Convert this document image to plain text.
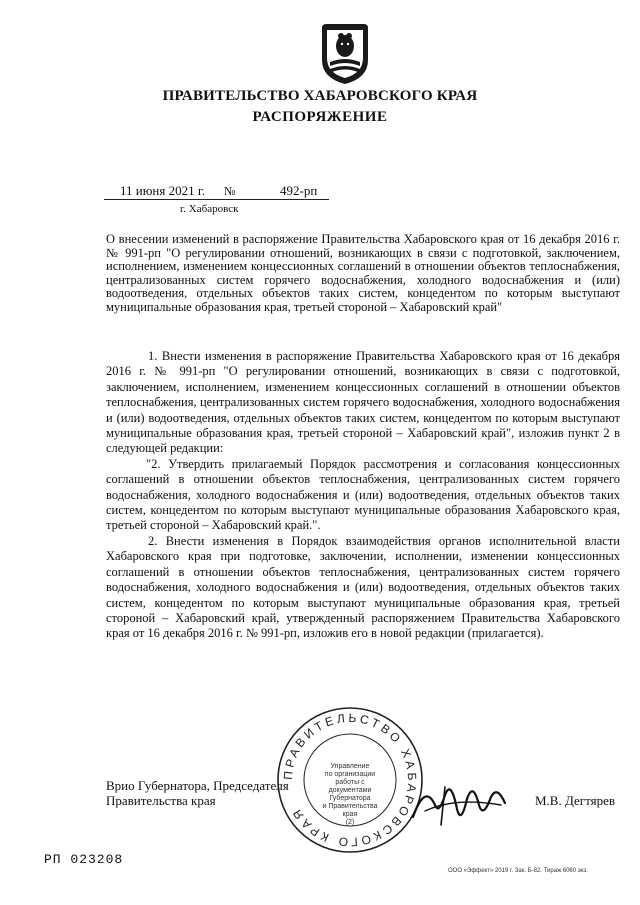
ПРАВИТЕЛЬСТВО ХАБАРОВСКОГО КРАЯ
РАСПОРЯЖЕНИЕ
11 июня 2021 г. №	492-рп
г. Хабаровск
О внесении изменений в распоряжение Правительства Хабаровского края от 16 декабря 2016 г. № 991-рп "О регулировании отношений, возникающих в связи с подготовкой, заключением, исполнением, изменением концессионных соглашений в отношении объектов теплоснабжения, централизованных систем горячего водоснабжения, холодного водоснабжения и (или) водоотведения, отдельных объектов таких систем, концедентом по которым выступают муниципальные образования края, третьей стороной – Хабаровский край"

1. Внести изменения в распоряжение Правительства Хабаровского края от 16 декабря 2016 г. № 991-рп "О регулировании отношений, возникающих в связи с подготовкой, заключением, исполнением, изменением концессионных соглашений в отношении объектов теплоснабжения, централизованных систем горячего водоснабжения, холодного водоснабжения и (или) водоотведения, отдельных объектов таких систем, концедентом по которым выступают муниципальные образования края, третьей стороной – Хабаровский край", изложив пункт 2 в следующей редакции:

"2. Утвердить прилагаемый Порядок рассмотрения и согласования концессионных соглашений в отношении объектов теплоснабжения, централизованных систем горячего водоснабжения, холодного водоснабжения и (или) водоотведения, отдельных объектов таких систем, концедентом по которым выступают муниципальные образования Хабаровского края, третьей стороной – Хабаровский край.".

2. Внести изменения в Порядок взаимодействия органов исполнительной власти Хабаровского края при подготовке, заключении, исполнении, изменении концессионных соглашений в отношении объектов теплоснабжения, централизованных систем горячего водоснабжения, холодного водоснабжения и (или) водоотведения, отдельных объектов таких систем, концедентом по которым выступают муниципальные образования края, третьей стороной – Хабаровский край, утвержденный распоряжением Правительства Хабаровского края от 16 декабря 2016 г. № 991-рп, изложив его в новой редакции (прилагается).

ПРАВИТЕЛЬСТВО ХАБАРОВСКОГО КРАЯ
Управление
по организации
работы с документами
Губернатора
и Правительства
края
(2)
Врио Губернатора, Председателя
Правительства края	М.В. Дегтярев
РП 023208
ООО «Эффект» 2019 г. Зак. Б-82. Тираж 6060 экз.
